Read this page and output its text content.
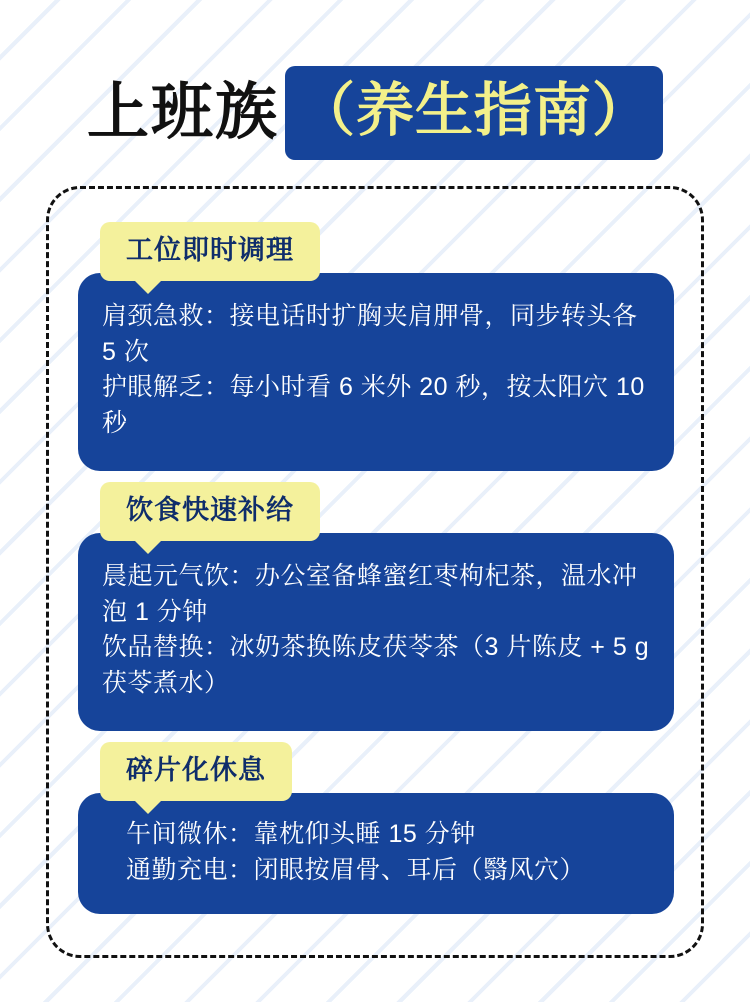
上班族 （养生指南）
工位即时调理
肩颈急救：接电话时扩胸夹肩胛骨，同步转头各 5 次
护眼解乏：每小时看 6 米外 20 秒，按太阳穴 10 秒
饮食快速补给
晨起元气饮：办公室备蜂蜜红枣枸杞茶，温水冲泡 1 分钟
饮品替换：冰奶茶换陈皮茯苓茶（3 片陈皮 + 5 g 茯苓煮水）
碎片化休息
午间微休：靠枕仰头睡 15 分钟
通勤充电：闭眼按眉骨、耳后（翳风穴）
